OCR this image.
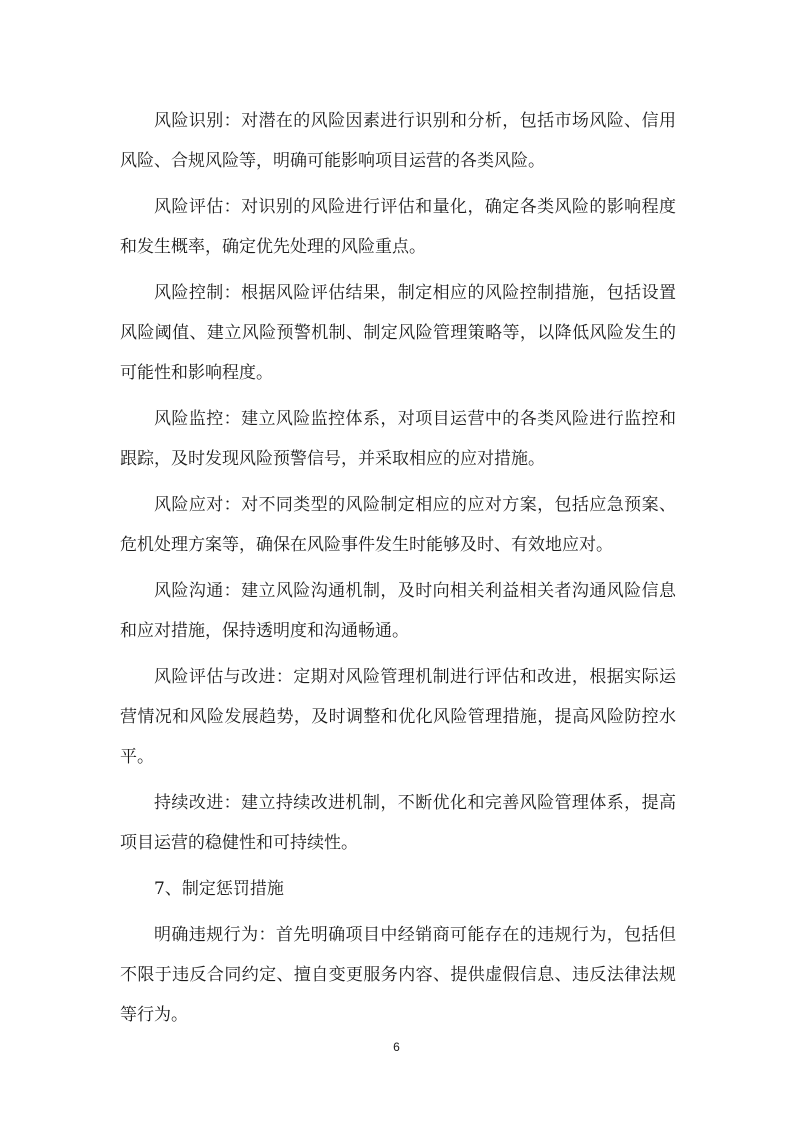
风险识别：对潜在的风险因素进行识别和分析，包括市场风险、信用风险、合规风险等，明确可能影响项目运营的各类风险。

风险评估：对识别的风险进行评估和量化，确定各类风险的影响程度和发生概率，确定优先处理的风险重点。

风险控制：根据风险评估结果，制定相应的风险控制措施，包括设置风险阈值、建立风险预警机制、制定风险管理策略等，以降低风险发生的可能性和影响程度。

风险监控：建立风险监控体系，对项目运营中的各类风险进行监控和跟踪，及时发现风险预警信号，并采取相应的应对措施。

风险应对：对不同类型的风险制定相应的应对方案，包括应急预案、危机处理方案等，确保在风险事件发生时能够及时、有效地应对。

风险沟通：建立风险沟通机制，及时向相关利益相关者沟通风险信息和应对措施，保持透明度和沟通畅通。

风险评估与改进：定期对风险管理机制进行评估和改进，根据实际运营情况和风险发展趋势，及时调整和优化风险管理措施，提高风险防控水平。

持续改进：建立持续改进机制，不断优化和完善风险管理体系，提高项目运营的稳健性和可持续性。

7、制定惩罚措施

明确违规行为：首先明确项目中经销商可能存在的违规行为，包括但不限于违反合同约定、擅自变更服务内容、提供虚假信息、违反法律法规等行为。

6
